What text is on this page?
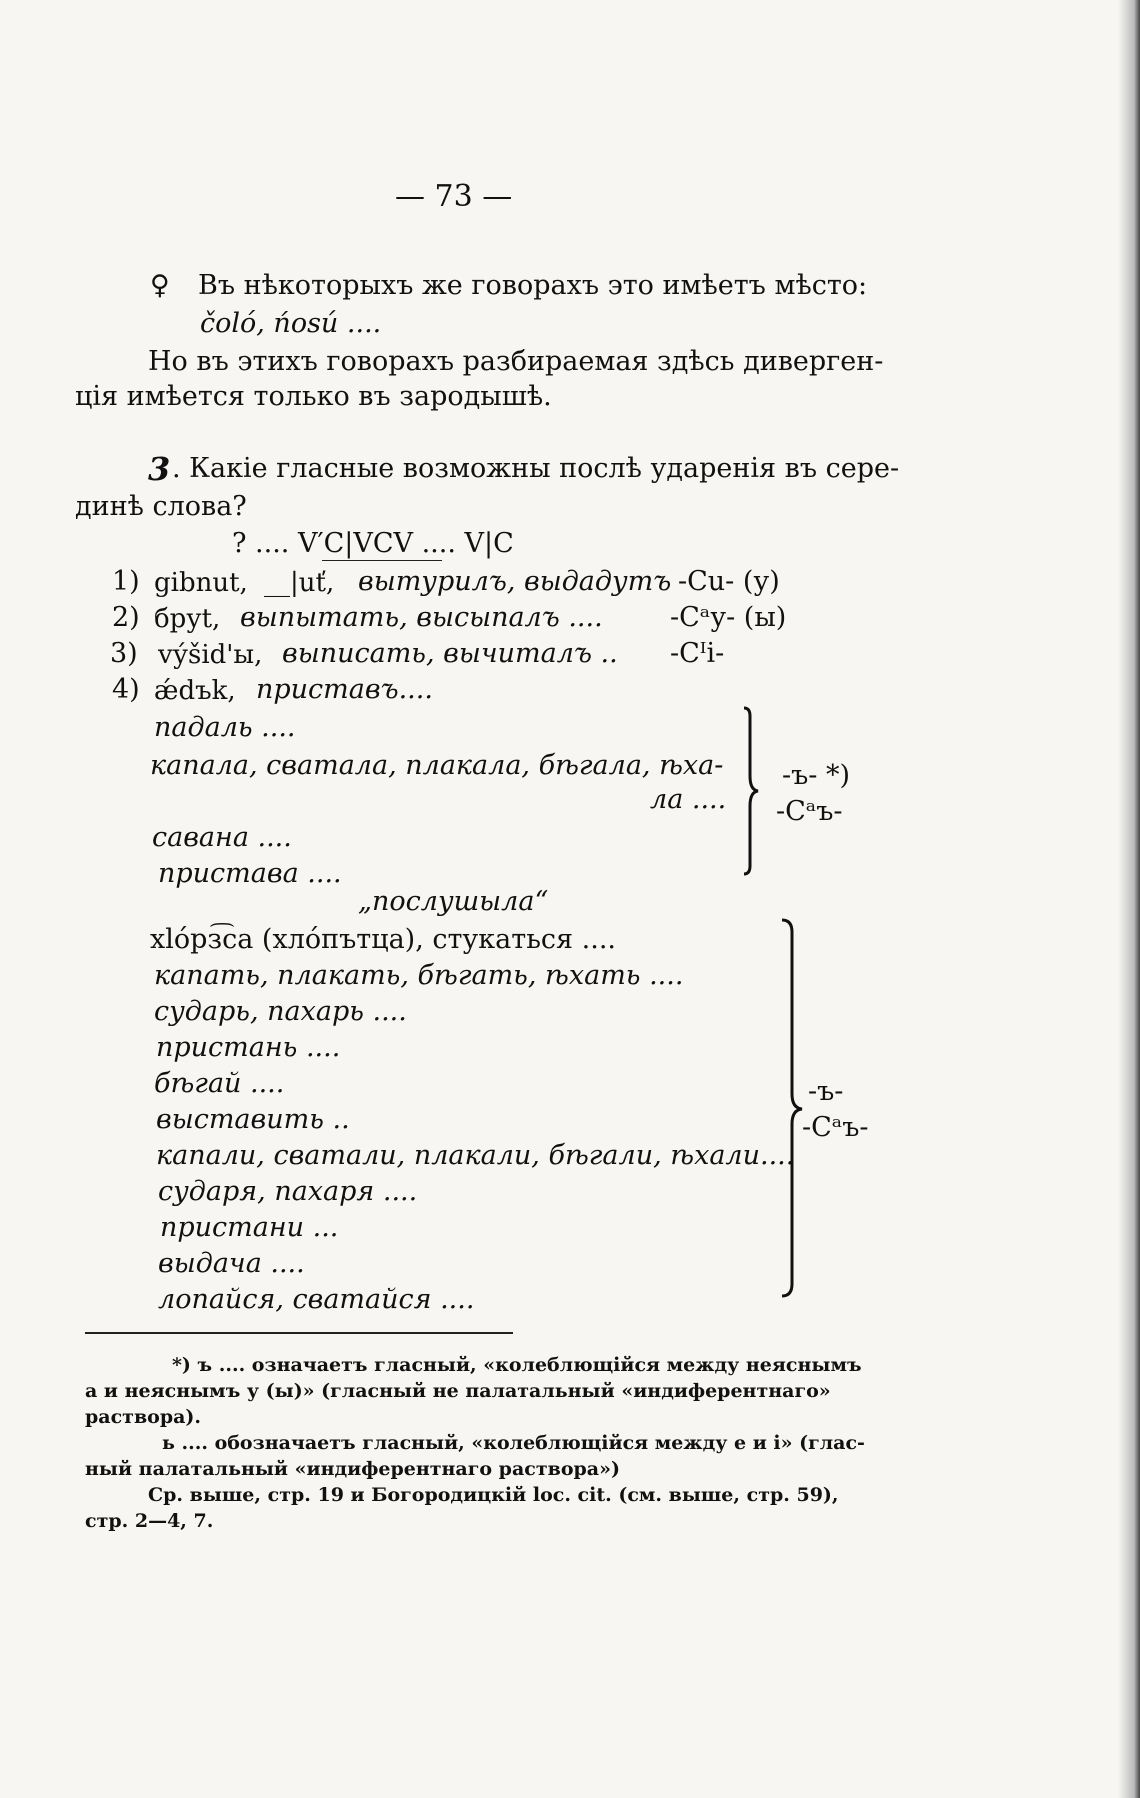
— 73 —
♀ Въ нѣкоторыхъ же говорахъ это имѣетъ мѣсто:
čolо́, ńosú ....
Но въ этихъ говорахъ разбираемая здѣсь диверген-
ція имѣется только въ зародышѣ.
3 . Какіе гласные возможны послѣ ударенія въ сере-
динѣ слова?
? .... V′C|VCV .... V|C
1) gibnut, __|uť, вытурилъ, выдадутъ -Cu- (у)
2) бруt, выпытать, высыпалъ .... -Cᵃу- (ы)
3) vу́šid'ы, выписать, вычиталъ .. -Cᴵi-
4) ǽdъk, приставъ....
падаль ....
капала, сватала, плакала, бѣгала, ѣха-
ла ....
савана ....
пристава ....
-ъ- *)
-Cᵃъ-
„послушыла“
хlо́рз͡са (хло́пътца), стукаться ....
капать, плакать, бѣгать, ѣхать ....
сударь, пахарь ....
пристань ....
бѣгай ....
выставить ..
капали, сватали, плакали, бѣгали, ѣхали....
сударя, пахаря ....
пристани ...
выдача ....
лопайся, сватайся ....
-ъ-
-Cᵃъ-
*) ъ .... означаетъ гласный, «колеблющійся между неяснымъ
а и неяснымъ у (ы)» (гласный не палатальный «индиферентнаго»
раствора).
ь .... обозначаетъ гласный, «колеблющійся между е и і» (глас-
ный палатальный «индиферентнаго раствора»)
Ср. выше, стр. 19 и Богородицкій loc. cit. (см. выше, стр. 59),
стр. 2—4, 7.
